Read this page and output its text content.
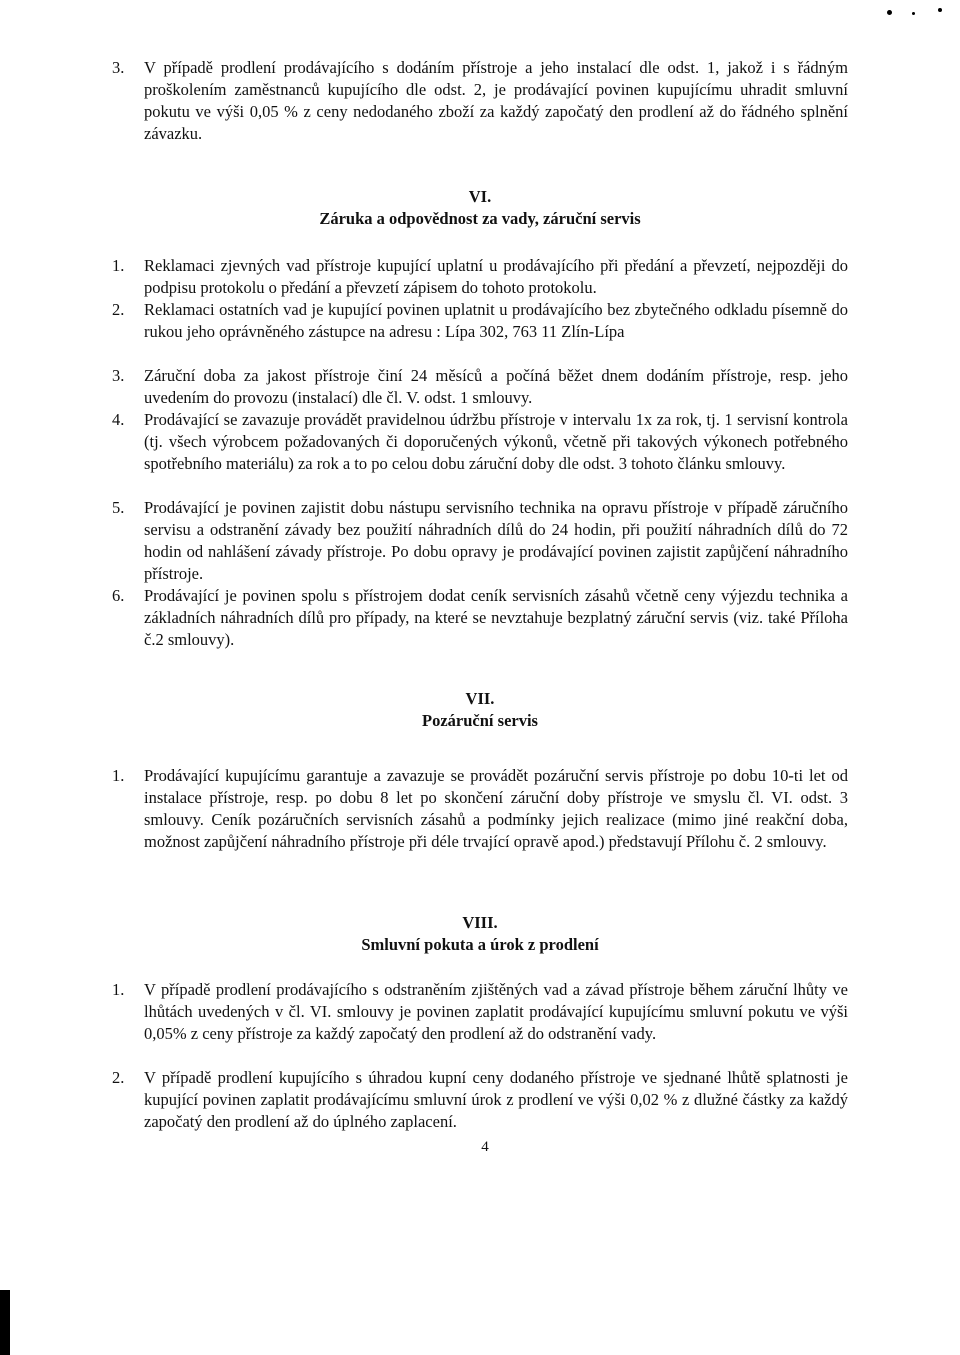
3.	V případě prodlení prodávajícího s dodáním přístroje a jeho instalací dle odst. 1, jakož i s řádným proškolením zaměstnanců kupujícího dle odst. 2, je prodávající povinen kupujícímu uhradit smluvní pokutu ve výši 0,05 % z ceny nedodaného zboží za každý započatý den prodlení až do řádného splnění závazku.
VI.
Záruka a odpovědnost za vady, záruční servis
1.	Reklamaci zjevných vad přístroje kupující uplatní u prodávajícího při předání a převzetí, nejpozději do podpisu protokolu o předání a převzetí zápisem do tohoto protokolu.
2.	Reklamaci ostatních vad je kupující povinen uplatnit u prodávajícího bez zbytečného odkladu písemně do rukou jeho oprávněného zástupce na adresu : Lípa 302, 763 11 Zlín-Lípa
3.	Záruční doba za jakost přístroje činí 24 měsíců a počíná běžet dnem dodáním přístroje, resp. jeho uvedením do provozu (instalací) dle čl. V. odst. 1 smlouvy.
4.	Prodávající se zavazuje provádět pravidelnou údržbu přístroje v intervalu 1x za rok, tj. 1 servisní kontrola (tj. všech výrobcem požadovaných či doporučených výkonů, včetně při takových výkonech potřebného spotřebního materiálu) za rok a to po celou dobu záruční doby dle odst. 3 tohoto článku smlouvy.
5.	Prodávající je povinen zajistit dobu nástupu servisního technika na opravu přístroje v případě záručního servisu a odstranění závady bez použití náhradních dílů do 24 hodin, při použití náhradních dílů do 72 hodin od nahlášení závady přístroje. Po dobu opravy je prodávající povinen zajistit zapůjčení náhradního přístroje.
6.	Prodávající je povinen spolu s přístrojem dodat ceník servisních zásahů včetně ceny výjezdu technika a základních náhradních dílů pro případy, na které se nevztahuje bezplatný záruční servis (viz. také Příloha č.2 smlouvy).
VII.
Pozáruční servis
1.	Prodávající kupujícímu garantuje a zavazuje se provádět pozáruční servis přístroje po dobu 10-ti let od instalace přístroje, resp. po dobu 8 let po skončení záruční doby přístroje ve smyslu čl. VI. odst. 3 smlouvy. Ceník pozáručních servisních zásahů a podmínky jejich realizace (mimo jiné reakční doba, možnost zapůjčení náhradního přístroje při déle trvající opravě apod.) představují Přílohu č. 2 smlouvy.
VIII.
Smluvní pokuta a úrok z prodlení
1.	V případě prodlení prodávajícího s odstraněním zjištěných vad a závad přístroje během záruční lhůty ve lhůtách uvedených v čl. VI. smlouvy je povinen zaplatit prodávající kupujícímu smluvní pokutu ve výši 0,05% z ceny přístroje za každý započatý den prodlení až do odstranění vady.
2.	V případě prodlení kupujícího s úhradou kupní ceny dodaného přístroje ve sjednané lhůtě splatnosti je kupující povinen zaplatit prodávajícímu smluvní úrok z prodlení ve výši 0,02 % z dlužné částky za každý započatý den prodlení až do úplného zaplacení.
4
